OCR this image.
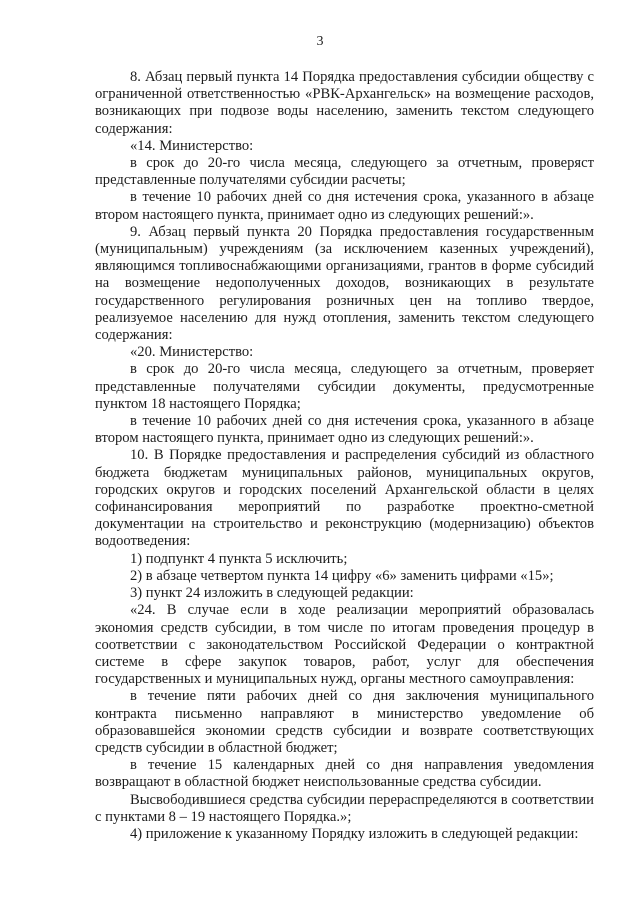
3

8. Абзац первый пункта 14 Порядка предоставления субсидии обществу с ограниченной ответственностью «РВК-Архангельск» на возмещение расходов, возникающих при подвозе воды населению, заменить текстом следующего содержания:

«14. Министерство:

в срок до 20-го числа месяца, следующего за отчетным, проверяст представленные получателями субсидии расчеты;

в течение 10 рабочих дней со дня истечения срока, указанного в абзаце втором настоящего пункта, принимает одно из следующих решений:».

9. Абзац первый пункта 20 Порядка предоставления государственным (муниципальным) учреждениям (за исключением казенных учреждений), являющимся топливоснабжающими организациями, грантов в форме субсидий на возмещение недополученных доходов, возникающих в результате государственного регулирования розничных цен на топливо твердое, реализуемое населению для нужд отопления, заменить текстом следующего содержания:

«20. Министерство:

в срок до 20-го числа месяца, следующего за отчетным, проверяет представленные получателями субсидии документы, предусмотренные пунктом 18 настоящего Порядка;

в течение 10 рабочих дней со дня истечения срока, указанного в абзаце втором настоящего пункта, принимает одно из следующих решений:».

10. В Порядке предоставления и распределения субсидий из областного бюджета бюджетам муниципальных районов, муниципальных округов, городских округов и городских поселений Архангельской области в целях софинансирования мероприятий по разработке проектно-сметной документации на строительство и реконструкцию (модернизацию) объектов водоотведения:

1) подпункт 4 пункта 5 исключить;

2) в абзаце четвертом пункта 14 цифру «6» заменить цифрами «15»;

3) пункт 24 изложить в следующей редакции:

«24. В случае если в ходе реализации мероприятий образовалась экономия средств субсидии, в том числе по итогам проведения процедур в соответствии с законодательством Российской Федерации о контрактной системе в сфере закупок товаров, работ, услуг для обеспечения государственных и муниципальных нужд, органы местного самоуправления:

в течение пяти рабочих дней со дня заключения муниципального контракта письменно направляют в министерство уведомление об образовавшейся экономии средств субсидии и возврате соответствующих средств субсидии в областной бюджет;

в течение 15 календарных дней со дня направления уведомления возвращают в областной бюджет неиспользованные средства субсидии.

Высвободившиеся средства субсидии перераспределяются в соответствии с пунктами 8 – 19 настоящего Порядка.»;

4) приложение к указанному Порядку изложить в следующей редакции:
